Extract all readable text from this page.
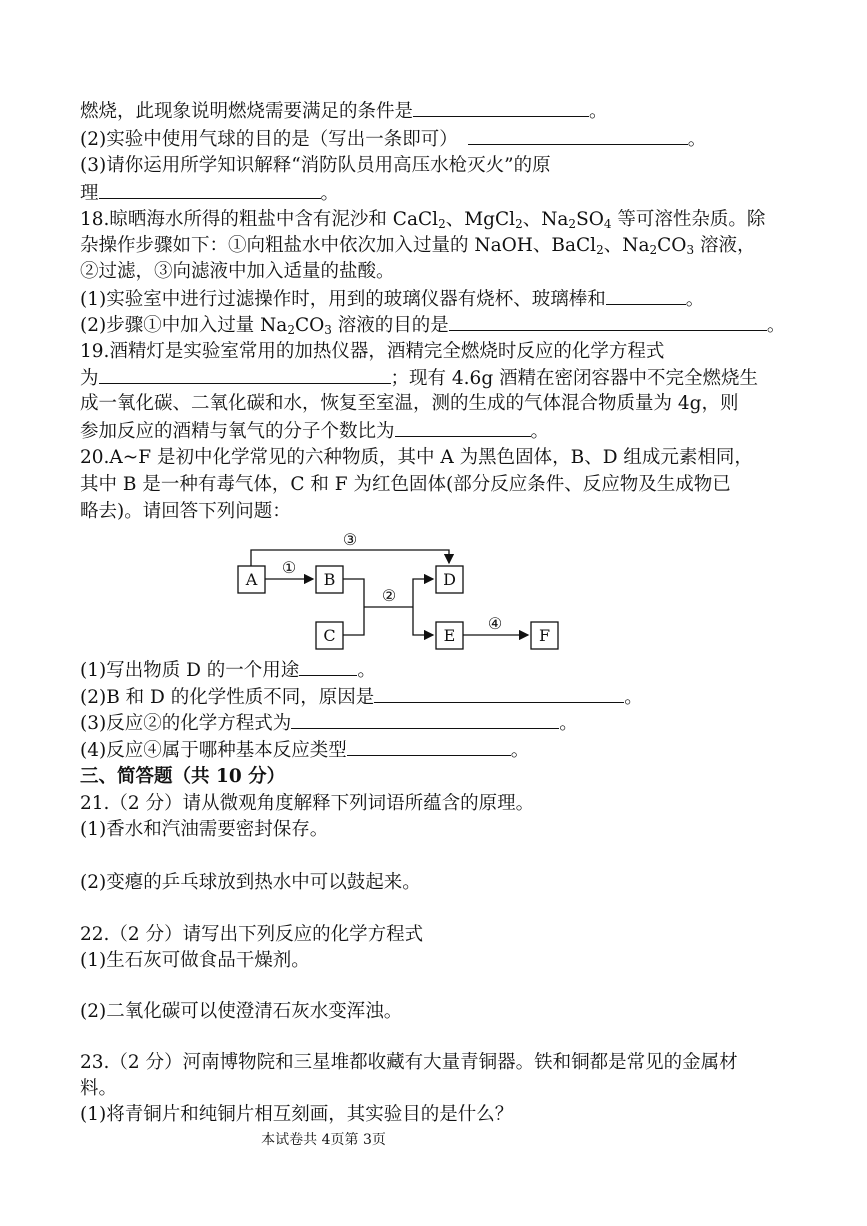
燃烧，此现象说明燃烧需要满足的条件是	。
(2)实验中使用气球的目的是（写出一条即可）	。
(3)请你运用所学知识解释“消防队员用高压水枪灭火”的原
理	。
18.晾晒海水所得的粗盐中含有泥沙和 CaCl$_2$、MgCl$_2$、$Na_2SO_4$ 等可溶性杂质。除
杂操作步骤如下：①向粗盐水中依次加入过量的 NaOH、BaCl$_2$、$Na_2CO_3$ 溶液，
②过滤，③向滤液中加入适量的盐酸。
(1)实验室中进行过滤操作时，用到的玻璃仪器有烧杯、玻璃棒和	。
(2)步骤①中加入过量 $Na_2CO_3$ 溶液的目的是	。
19.酒精灯是实验室常用的加热仪器，酒精完全燃烧时反应的化学方程式
为	；现有 4.6g 酒精在密闭容器中不完全燃烧生
成一氧化碳、二氧化碳和水，恢复至室温，测的生成的气体混合物质量为 4g，则
参加反应的酒精与氧气的分子个数比为	。
20.A~F 是初中化学常见的六种物质，其中 A 为黑色固体，B、D 组成元素相同，
其中 B 是一种有毒气体，C 和 F 为红色固体(部分反应条件、反应物及生成物已
略去)。请回答下列问题：
A	B
C
D
E	F
①
②
③
④
(1)写出物质 D 的一个用途	。
(2)B 和 D 的化学性质不同，原因是	。
(3)反应②的化学方程式为	。
(4)反应④属于哪种基本反应类型	。
三、简答题（共 10 分）
21.（2 分）请从微观角度解释下列词语所蕴含的原理。
(1)香水和汽油需要密封保存。
(2)变瘪的乒乓球放到热水中可以鼓起来。
22.（2 分）请写出下列反应的化学方程式
(1)生石灰可做食品干燥剂。
(2)二氧化碳可以使澄清石灰水变浑浊。
23.（2 分）河南博物院和三星堆都收藏有大量青铜器。铁和铜都是常见的金属材
料。
(1)将青铜片和纯铜片相互刻画，其实验目的是什么？
本试卷共 4页第 3页
